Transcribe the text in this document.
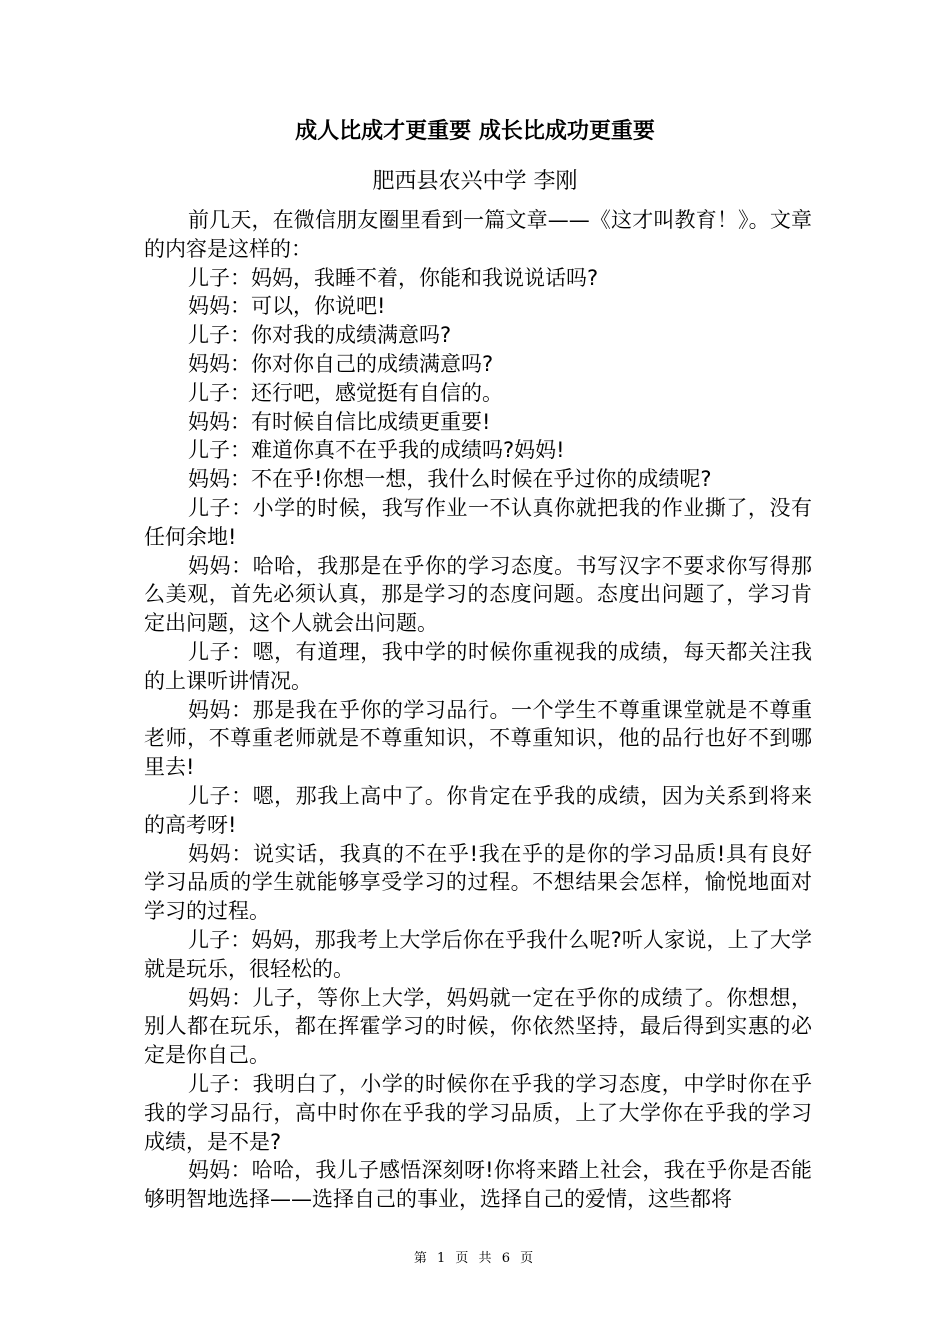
成人比成才更重要 成长比成功更重要
肥西县农兴中学 李刚

前几天，在微信朋友圈里看到一篇文章——《这才叫教育！》。文章的内容是这样的：

儿子：妈妈，我睡不着，你能和我说说话吗?

妈妈：可以，你说吧!

儿子：你对我的成绩满意吗?

妈妈：你对你自己的成绩满意吗?

儿子：还行吧，感觉挺有自信的。

妈妈：有时候自信比成绩更重要!

儿子：难道你真不在乎我的成绩吗?妈妈!

妈妈：不在乎!你想一想，我什么时候在乎过你的成绩呢?

儿子：小学的时候，我写作业一不认真你就把我的作业撕了，没有任何余地!

妈妈：哈哈，我那是在乎你的学习态度。书写汉字不要求你写得那么美观，首先必须认真，那是学习的态度问题。态度出问题了，学习肯定出问题，这个人就会出问题。

儿子：嗯，有道理，我中学的时候你重视我的成绩，每天都关注我的上课听讲情况。

妈妈：那是我在乎你的学习品行。一个学生不尊重课堂就是不尊重老师，不尊重老师就是不尊重知识，不尊重知识，他的品行也好不到哪里去!

儿子：嗯，那我上高中了。你肯定在乎我的成绩，因为关系到将来的高考呀!

妈妈：说实话，我真的不在乎!我在乎的是你的学习品质!具有良好学习品质的学生就能够享受学习的过程。不想结果会怎样，愉悦地面对学习的过程。

儿子：妈妈，那我考上大学后你在乎我什么呢?听人家说，上了大学就是玩乐，很轻松的。

妈妈：儿子，等你上大学，妈妈就一定在乎你的成绩了。你想想，别人都在玩乐，都在挥霍学习的时候，你依然坚持，最后得到实惠的必定是你自己。

儿子：我明白了，小学的时候你在乎我的学习态度，中学时你在乎我的学习品行，高中时你在乎我的学习品质，上了大学你在乎我的学习成绩，是不是?

妈妈：哈哈，我儿子感悟深刻呀!你将来踏上社会，我在乎你是否能够明智地选择——选择自己的事业，选择自己的爱情，这些都将

第 1 页 共 6 页
